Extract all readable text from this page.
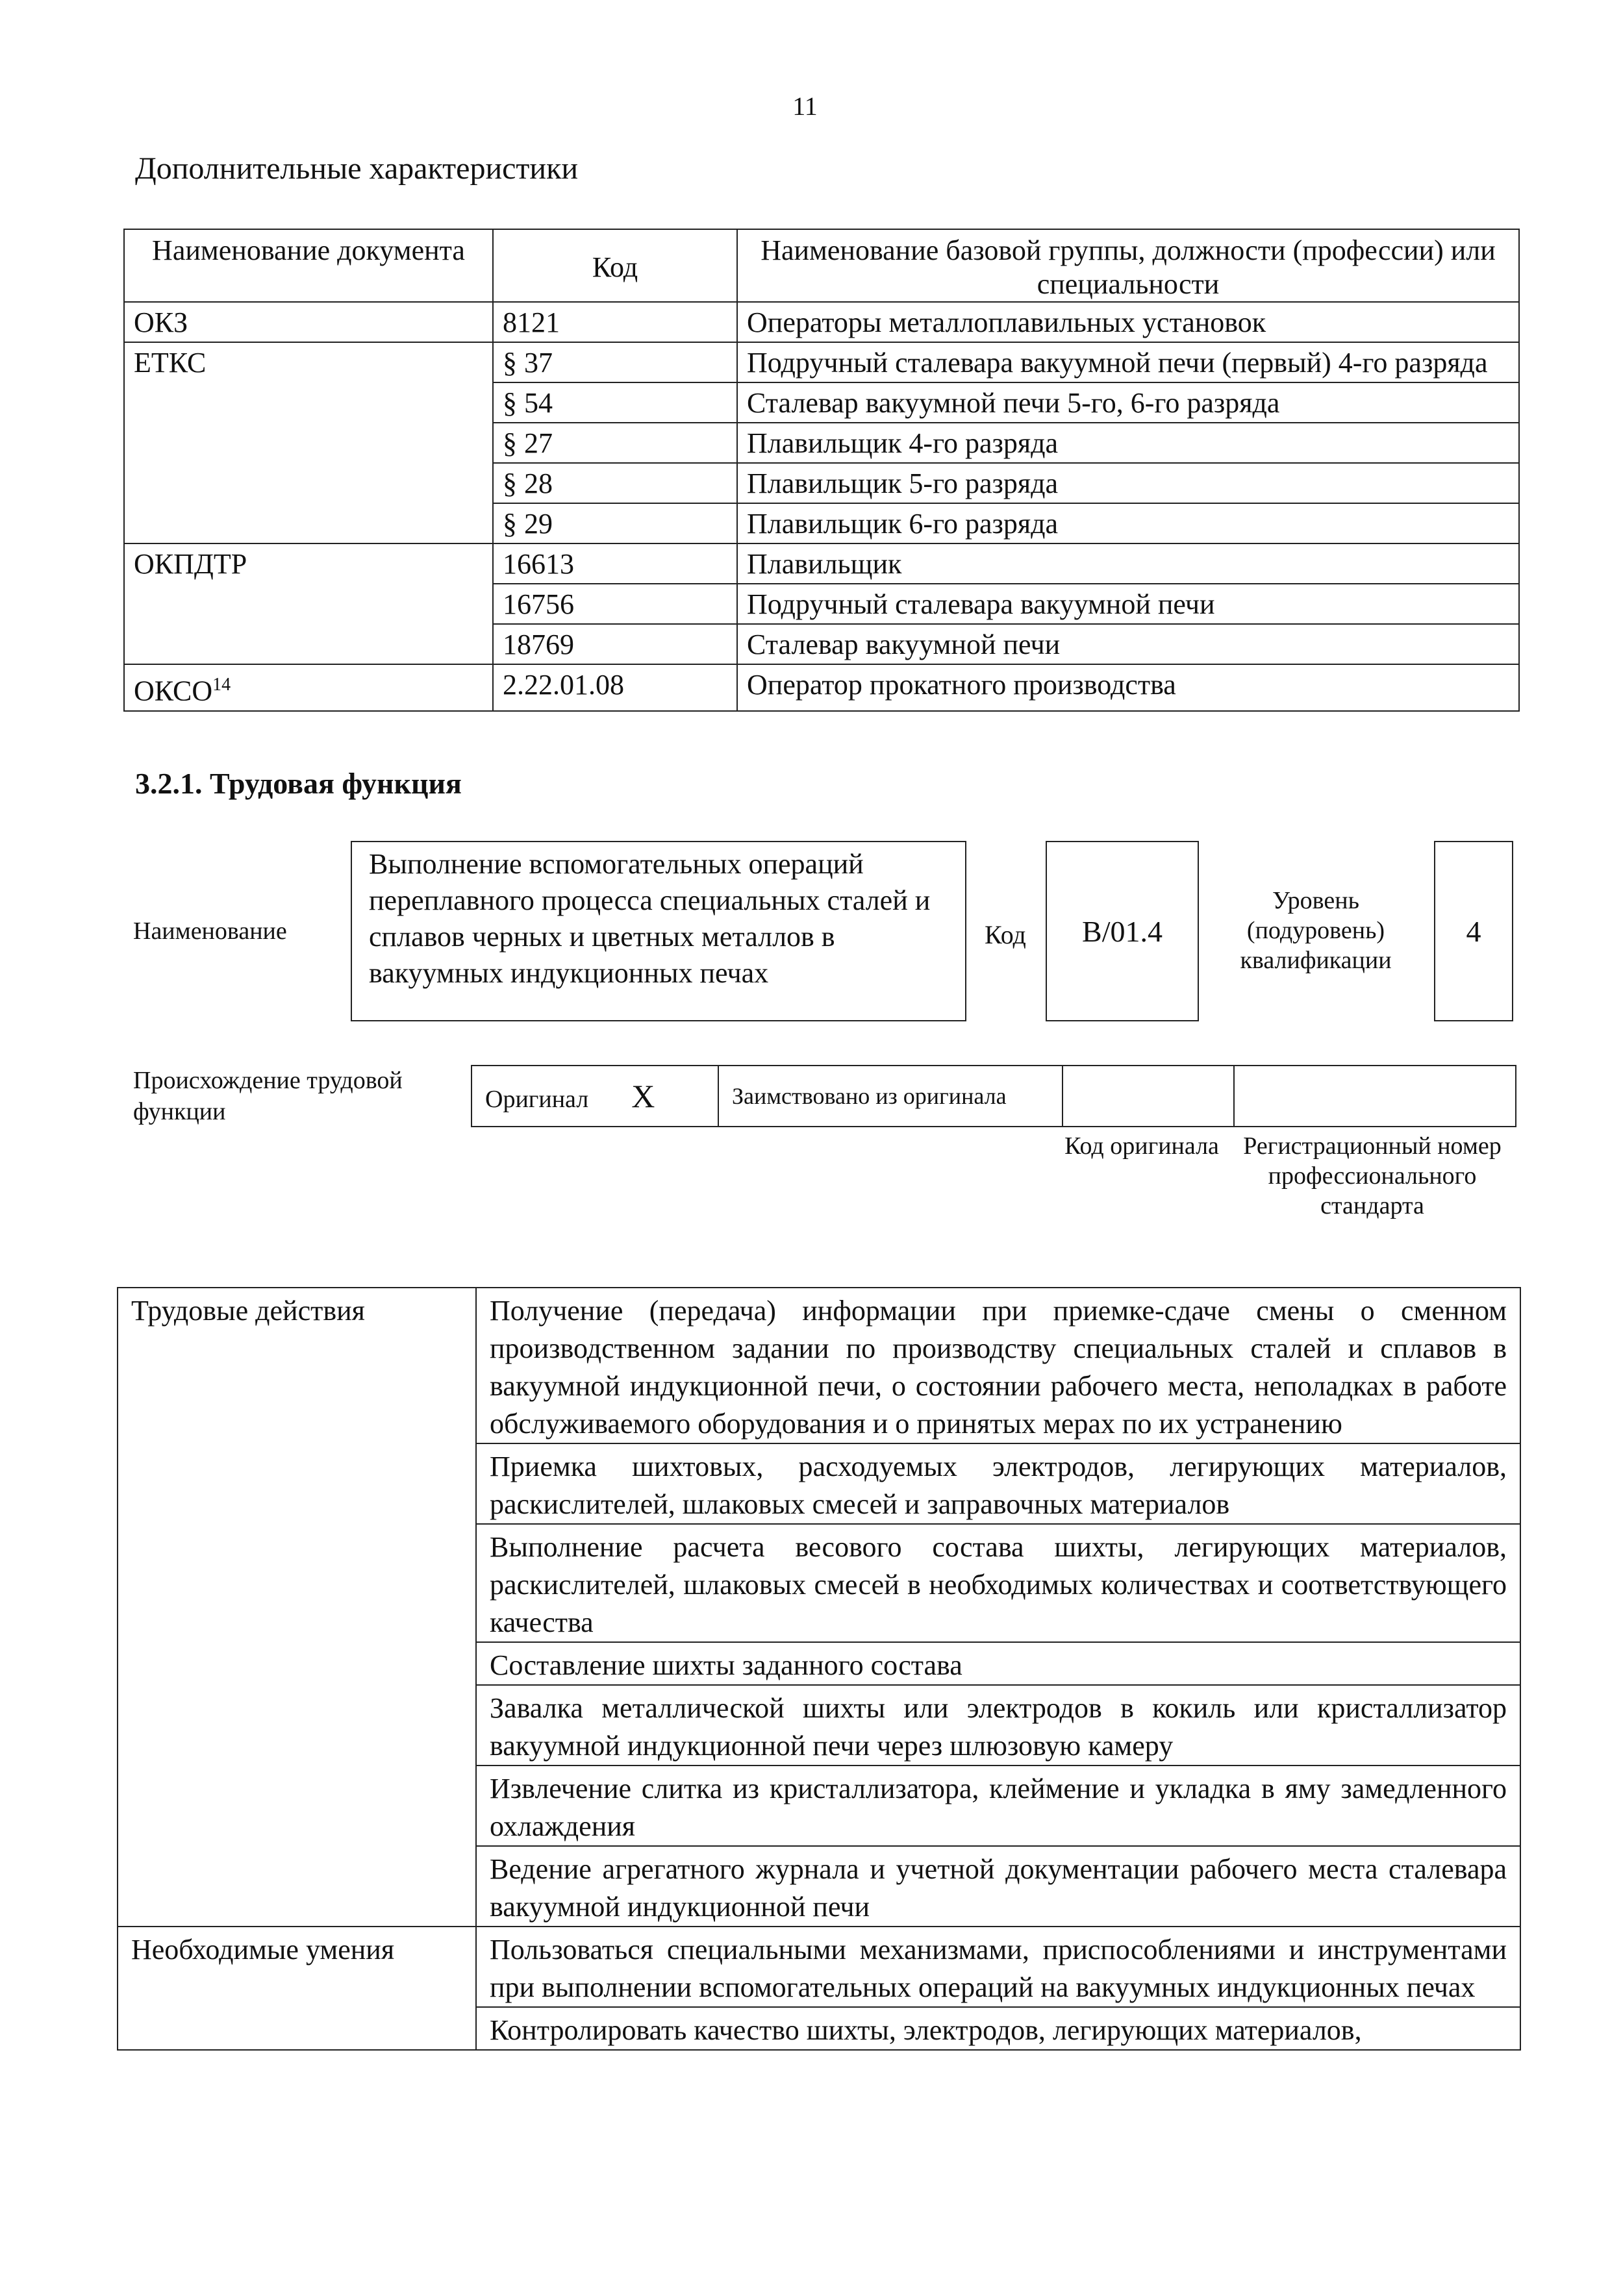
11
Дополнительные характеристики
Наименование документа	Код	Наименование базовой группы, должности (профессии) или специальности
ОКЗ	8121	Операторы металлоплавильных установок
ЕТКС	§ 37	Подручный сталевара вакуумной печи (первый) 4-го разряда
	§ 54	Сталевар вакуумной печи 5-го, 6-го разряда
	§ 27	Плавильщик 4-го разряда
	§ 28	Плавильщик 5-го разряда
	§ 29	Плавильщик 6-го разряда
ОКПДТР	16613	Плавильщик
	16756	Подручный сталевара вакуумной печи
	18769	Сталевар вакуумной печи
ОКСО$^{14}$	2.22.01.08	Оператор прокатного производства
3.2.1. Трудовая функция
Наименование
Выполнение вспомогательных операций переплавного процесса специальных сталей и сплавов черных и цветных металлов в вакуумных индукционных печах
Код	B/01.4
Уровень (подуровень) квалификации
4
Происхождение трудовой функции	Оригинал X	Заимствовано из оригинала		
Код оригинала Регистрационный номер профессионального стандарта
Трудовые действия	Получение (передача) информации при приемке-сдаче смены о сменном производственном задании по производству специальных сталей и сплавов в вакуумной индукционной печи, о состоянии рабочего места, неполадках в работе обслуживаемого оборудования и о принятых мерах по их устранению
	Приемка шихтовых, расходуемых электродов, легирующих материалов, раскислителей, шлаковых смесей и заправочных материалов
	Выполнение расчета весового состава шихты, легирующих материалов, раскислителей, шлаковых смесей в необходимых количествах и соответствующего качества
	Составление шихты заданного состава
	Завалка металлической шихты или электродов в кокиль или кристаллизатор вакуумной индукционной печи через шлюзовую камеру
	Извлечение слитка из кристаллизатора, клеймение и укладка в яму замедленного охлаждения
	Ведение агрегатного журнала и учетной документации рабочего места сталевара вакуумной индукционной печи
Необходимые умения	Пользоваться специальными механизмами, приспособлениями и инструментами при выполнении вспомогательных операций на вакуумных индукционных печах
	Контролировать качество шихты, электродов, легирующих материалов,
